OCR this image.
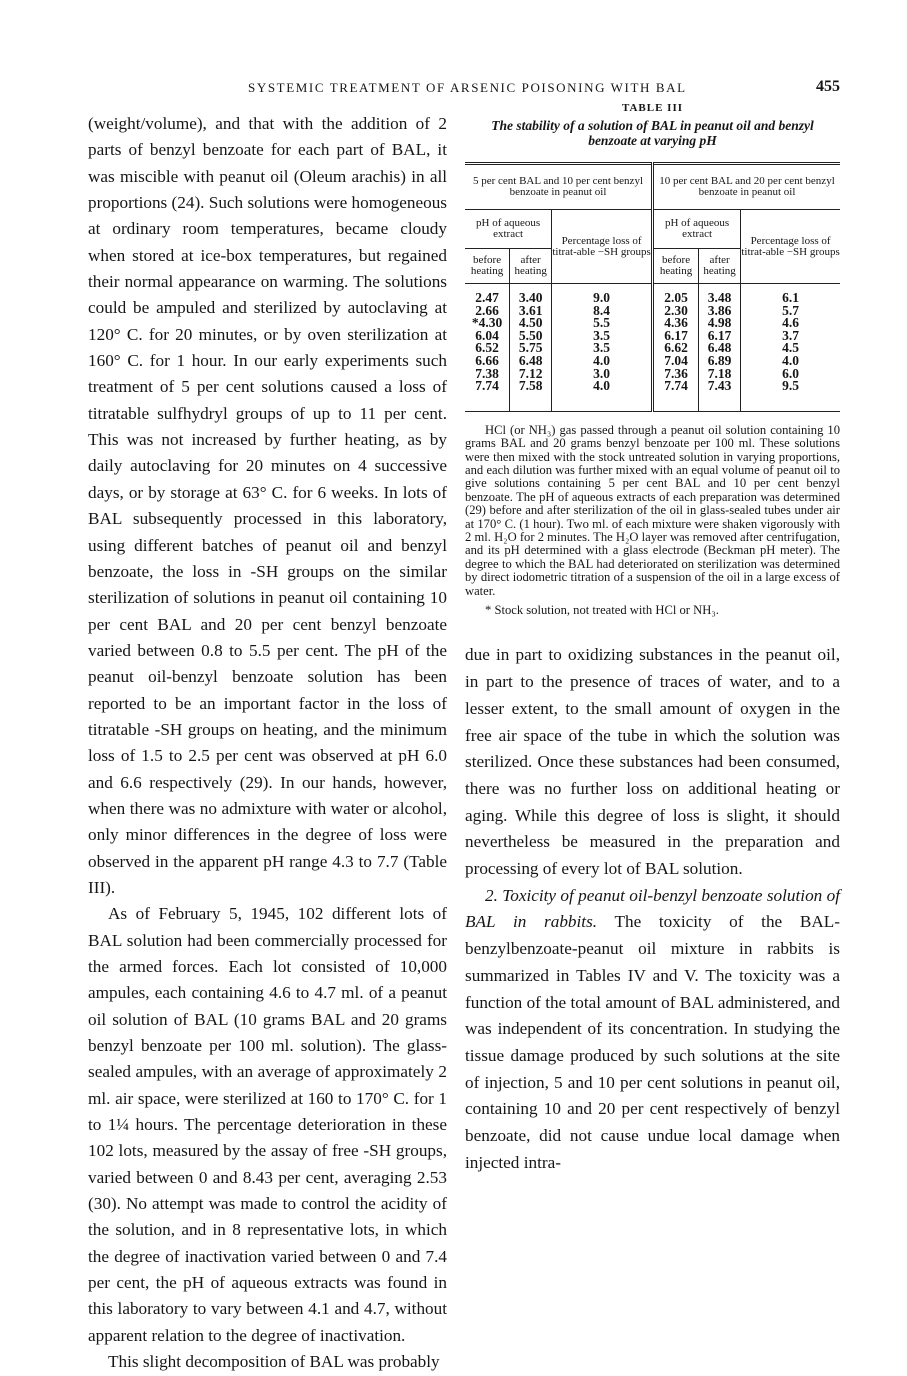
SYSTEMIC TREATMENT OF ARSENIC POISONING WITH BAL	455

(weight/volume), and that with the addition of 2 parts of benzyl benzoate for each part of BAL, it was miscible with peanut oil (Oleum arachis) in all proportions (24). Such solutions were homogeneous at ordinary room temperatures, became cloudy when stored at ice-box temperatures, but regained their normal appearance on warming. The solutions could be ampuled and sterilized by autoclaving at 120° C. for 20 minutes, or by oven sterilization at 160° C. for 1 hour. In our early experiments such treatment of 5 per cent solutions caused a loss of titratable sulfhydryl groups of up to 11 per cent. This was not increased by further heating, as by daily autoclaving for 20 minutes on 4 successive days, or by storage at 63° C. for 6 weeks. In lots of BAL subsequently processed in this laboratory, using different batches of peanut oil and benzyl benzoate, the loss in -SH groups on the similar sterilization of solutions in peanut oil containing 10 per cent BAL and 20 per cent benzyl benzoate varied between 0.8 to 5.5 per cent. The pH of the peanut oil-benzyl benzoate solution has been reported to be an important factor in the loss of titratable -SH groups on heating, and the minimum loss of 1.5 to 2.5 per cent was observed at pH 6.0 and 6.6 respectively (29). In our hands, however, when there was no admixture with water or alcohol, only minor differences in the degree of loss were observed in the apparent pH range 4.3 to 7.7 (Table III).

As of February 5, 1945, 102 different lots of BAL solution had been commercially processed for the armed forces. Each lot consisted of 10,000 ampules, each containing 4.6 to 4.7 ml. of a peanut oil solution of BAL (10 grams BAL and 20 grams benzyl benzoate per 100 ml. solution). The glass-sealed ampules, with an average of approximately 2 ml. air space, were sterilized at 160 to 170° C. for 1 to 1¼ hours. The percentage deterioration in these 102 lots, measured by the assay of free -SH groups, varied between 0 and 8.43 per cent, averaging 2.53 (30). No attempt was made to control the acidity of the solution, and in 8 representative lots, in which the degree of inactivation varied between 0 and 7.4 per cent, the pH of aqueous extracts was found in this laboratory to vary between 4.1 and 4.7, without apparent relation to the degree of inactivation.

This slight decomposition of BAL was probably

TABLE III
The stability of a solution of BAL in peanut oil and benzyl benzoate at varying pH
5 per cent BAL and 10 per cent benzyl benzoate in peanut oil			10 per cent BAL and 20 per cent benzyl benzoate in peanut oil		
pH of aqueous extract		Percentage loss of titrat-able −SH groups	pH of aqueous extract		Percentage loss of titrat-able −SH groups
before heating	after heating		before heating	after heating	
2.47	3.40	9.0	2.05	3.48	6.1
2.66	3.61	8.4	2.30	3.86	5.7
*4.30	4.50	5.5	4.36	4.98	4.6
6.04	5.50	3.5	6.17	6.17	3.7
6.52	5.75	3.5	6.62	6.48	4.5
6.66	6.48	4.0	7.04	6.89	4.0
7.38	7.12	3.0	7.36	7.18	6.0
7.74	7.58	4.0	7.74	7.43	9.5

HCl (or NH₃) gas passed through a peanut oil solution containing 10 grams BAL and 20 grams benzyl benzoate per 100 ml. These solutions were then mixed with the stock untreated solution in varying proportions, and each dilution was further mixed with an equal volume of peanut oil to give solutions containing 5 per cent BAL and 10 per cent benzyl benzoate. The pH of aqueous extracts of each preparation was determined (29) before and after sterilization of the oil in glass-sealed tubes under air at 170° C. (1 hour). Two ml. of each mixture were shaken vigorously with 2 ml. H₂O for 2 minutes. The H₂O layer was removed after centrifugation, and its pH determined with a glass electrode (Beckman pH meter). The degree to which the BAL had deteriorated on sterilization was determined by direct iodometric titration of a suspension of the oil in a large excess of water.

* Stock solution, not treated with HCl or NH₃.

due in part to oxidizing substances in the peanut oil, in part to the presence of traces of water, and to a lesser extent, to the small amount of oxygen in the free air space of the tube in which the solution was sterilized. Once these substances had been consumed, there was no further loss on additional heating or aging. While this degree of loss is slight, it should nevertheless be measured in the preparation and processing of every lot of BAL solution.

2. Toxicity of peanut oil-benzyl benzoate solution of BAL in rabbits. The toxicity of the BAL-benzylbenzoate-peanut oil mixture in rabbits is summarized in Tables IV and V. The toxicity was a function of the total amount of BAL administered, and was independent of its concentration. In studying the tissue damage produced by such solutions at the site of injection, 5 and 10 per cent solutions in peanut oil, containing 10 and 20 per cent respectively of benzyl benzoate, did not cause undue local damage when injected intra-
